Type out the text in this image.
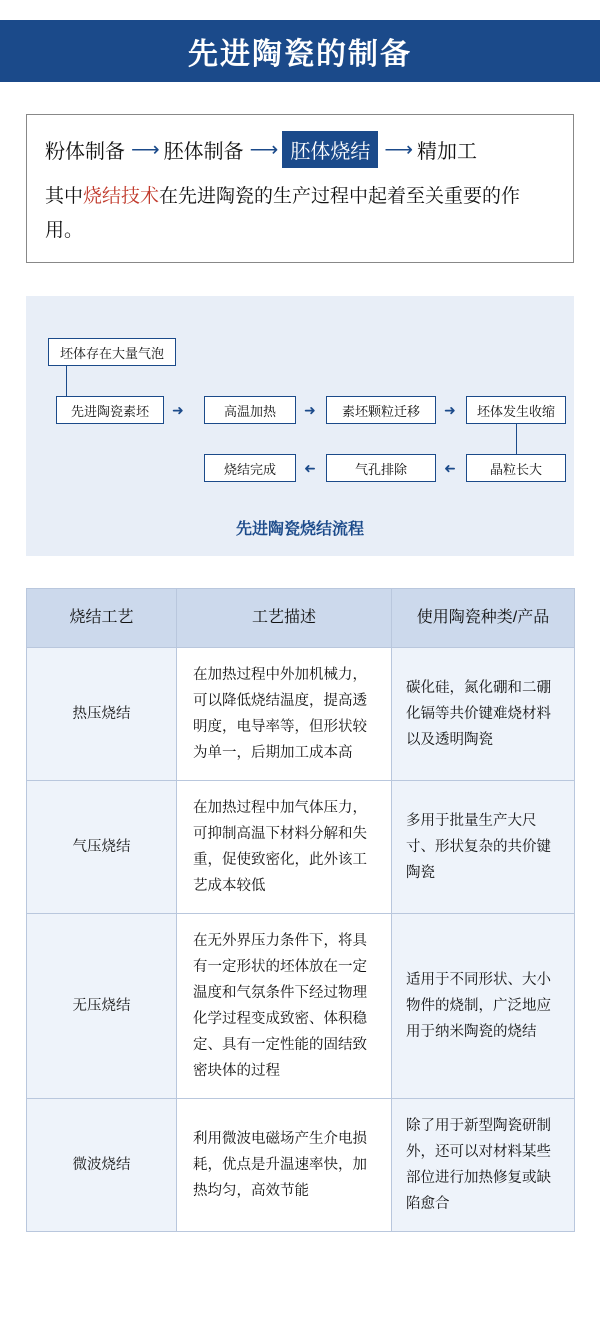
先进陶瓷的制备
粉体制备 ⟶ 胚体制备 ⟶ 胚体烧结 ⟶ 精加工
其中烧结技术在先进陶瓷的生产过程中起着至关重要的作用。
坯体存在大量气泡
先进陶瓷素坯	➜	高温加热	➜	素坯颗粒迁移	➜	坯体发生收缩
晶粒长大
➜
气孔排除
➜
烧结完成
先进陶瓷烧结流程
烧结工艺	工艺描述	使用陶瓷种类/产品
热压烧结	在加热过程中外加机械力，可以降低烧结温度，提高透明度，电导率等，但形状较为单一，后期加工成本高	碳化硅，氮化硼和二硼化镉等共价键难烧材料以及透明陶瓷
气压烧结	在加热过程中加气体压力，可抑制高温下材料分解和失重，促使致密化，此外该工艺成本较低	多用于批量生产大尺寸、形状复杂的共价键陶瓷
无压烧结	在无外界压力条件下，将具有一定形状的坯体放在一定温度和气氛条件下经过物理化学过程变成致密、体积稳定、具有一定性能的固结致密块体的过程	适用于不同形状、大小物件的烧制，广泛地应用于纳米陶瓷的烧结
微波烧结	利用微波电磁场产生介电损耗，优点是升温速率快，加热均匀，高效节能	除了用于新型陶瓷研制外，还可以对材料某些部位进行加热修复或缺陷愈合
